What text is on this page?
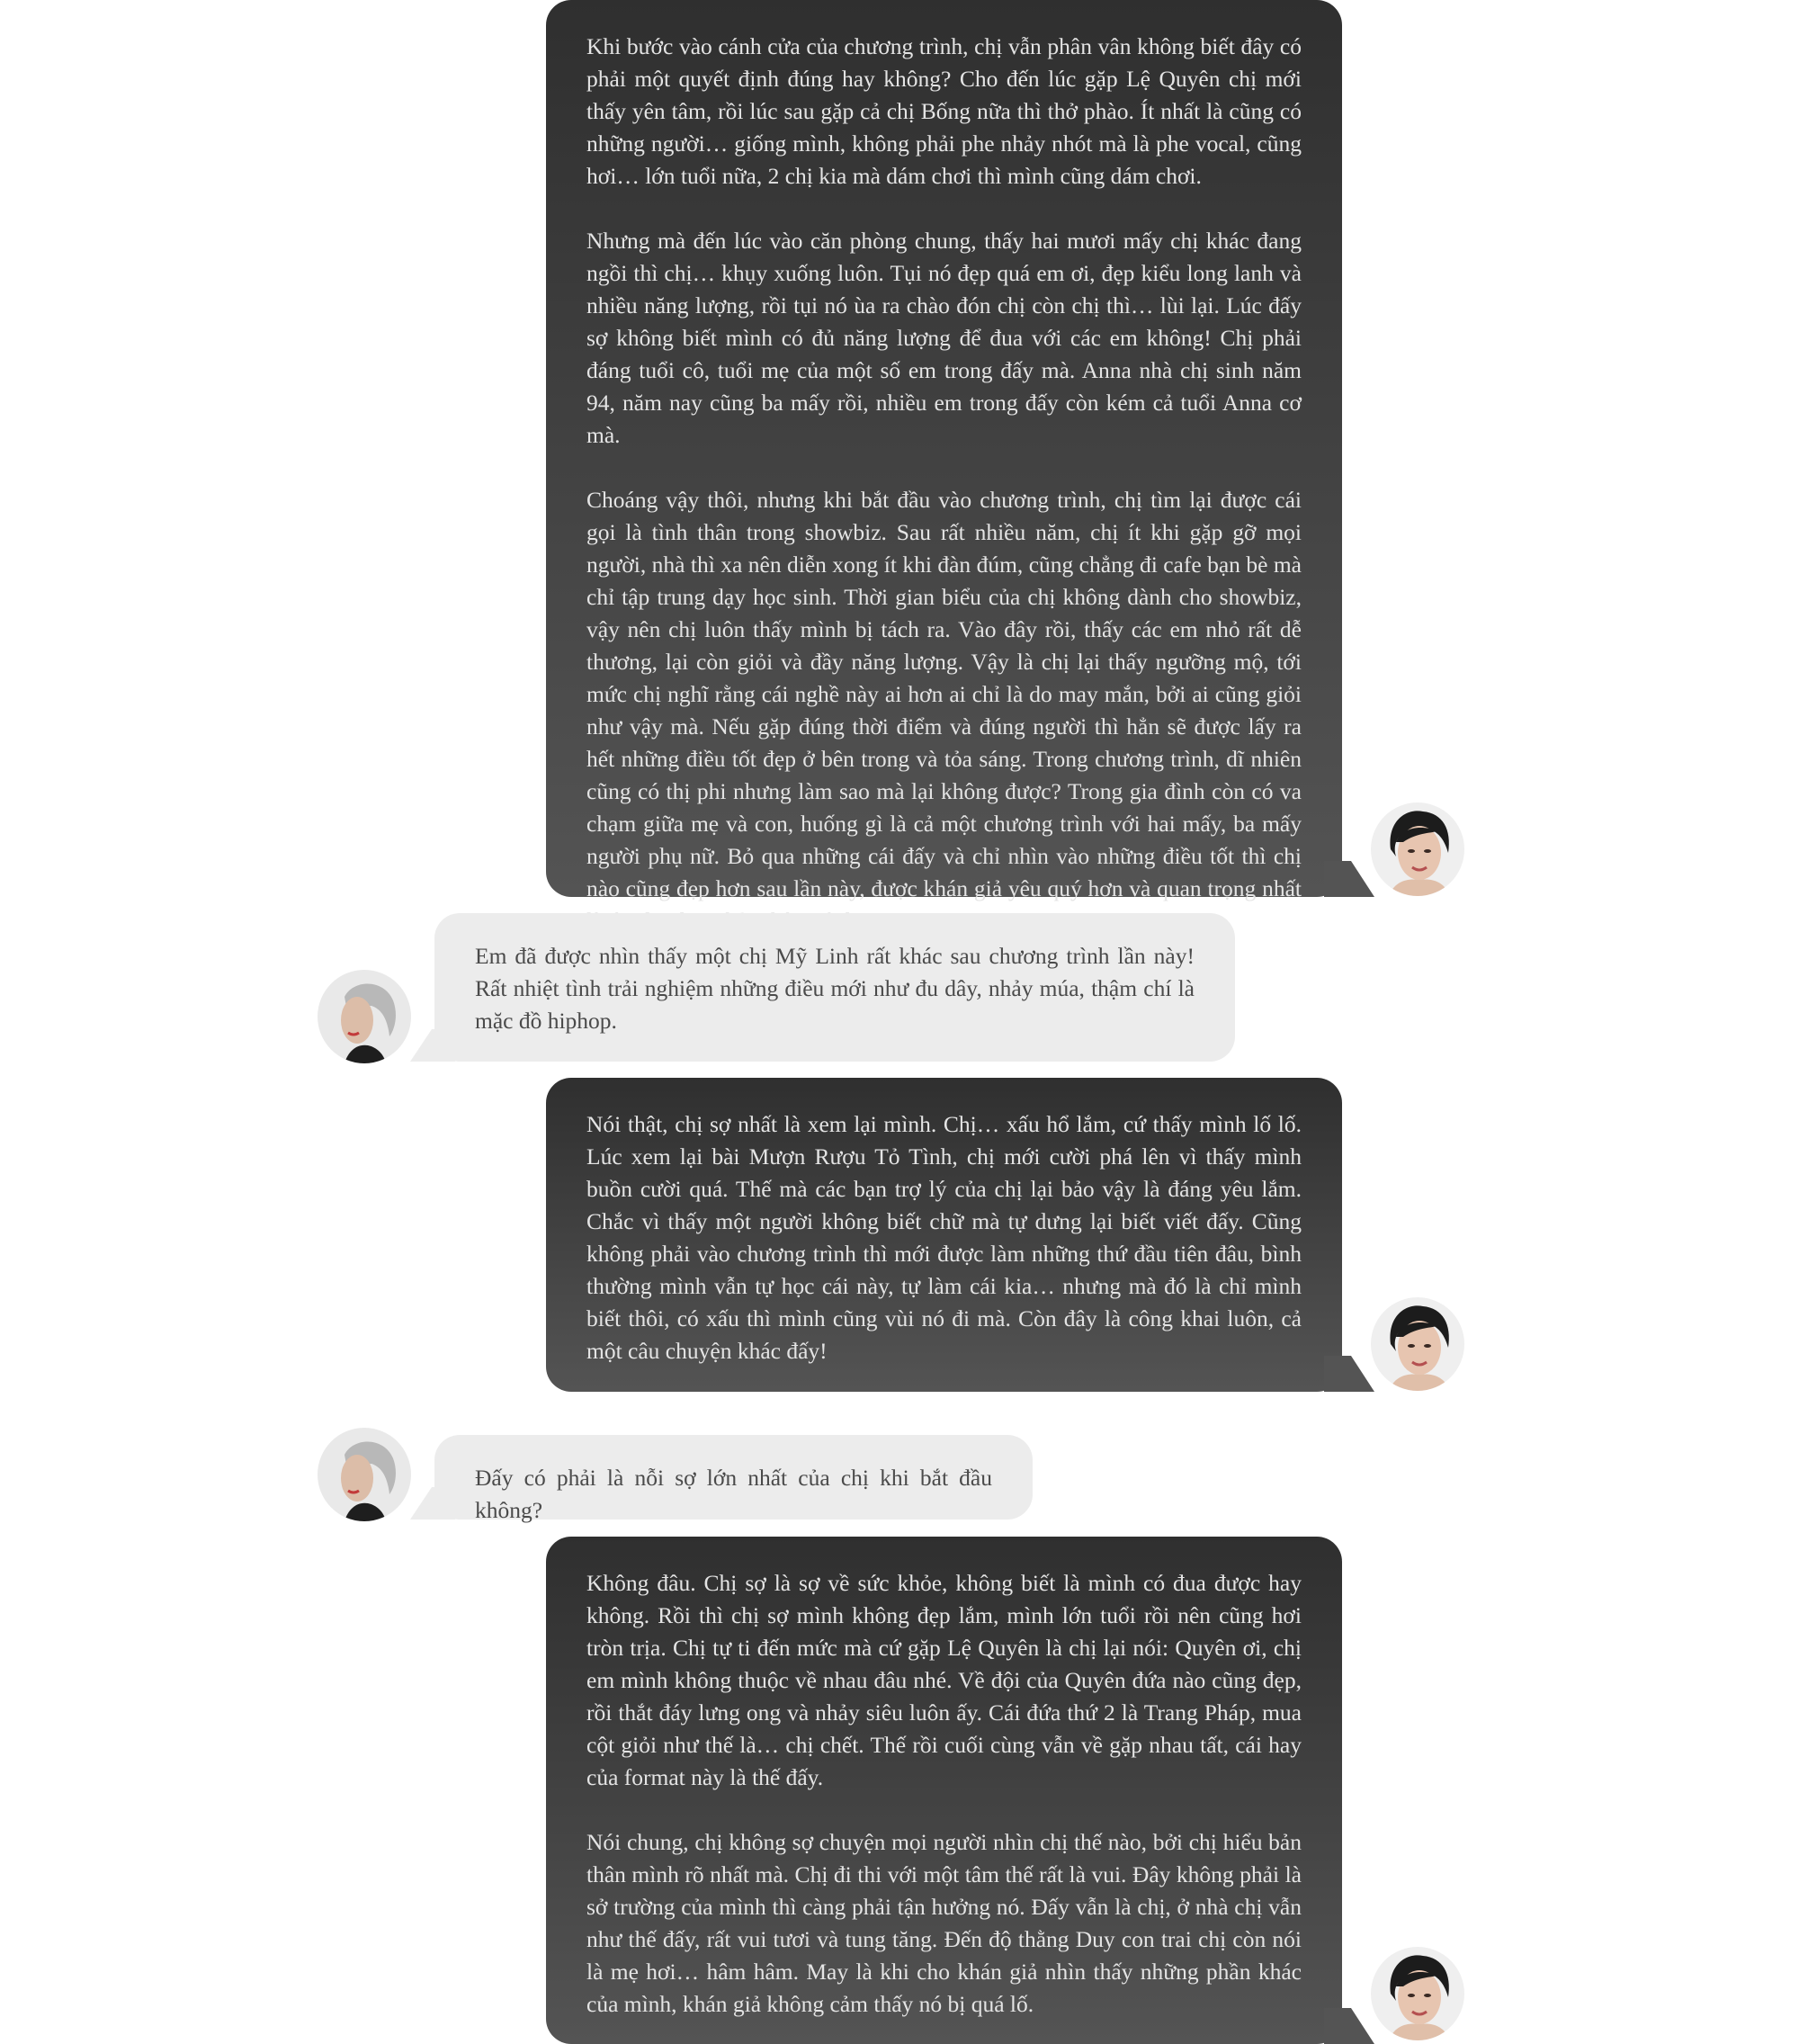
Khi bước vào cánh cửa của chương trình, chị vẫn phân vân không biết đây có phải một quyết định đúng hay không? Cho đến lúc gặp Lệ Quyên chị mới thấy yên tâm, rồi lúc sau gặp cả chị Bống nữa thì thở phào. Ít nhất là cũng có những người… giống mình, không phải phe nhảy nhót mà là phe vocal, cũng hơi… lớn tuổi nữa, 2 chị kia mà dám chơi thì mình cũng dám chơi.

Nhưng mà đến lúc vào căn phòng chung, thấy hai mươi mấy chị khác đang ngồi thì chị… khụy xuống luôn. Tụi nó đẹp quá em ơi, đẹp kiểu long lanh và nhiều năng lượng, rồi tụi nó ùa ra chào đón chị còn chị thì… lùi lại. Lúc đấy sợ không biết mình có đủ năng lượng để đua với các em không! Chị phải đáng tuổi cô, tuổi mẹ của một số em trong đấy mà. Anna nhà chị sinh năm 94, năm nay cũng ba mấy rồi, nhiều em trong đấy còn kém cả tuổi Anna cơ mà.

Choáng vậy thôi, nhưng khi bắt đầu vào chương trình, chị tìm lại được cái gọi là tình thân trong showbiz. Sau rất nhiều năm, chị ít khi gặp gỡ mọi người, nhà thì xa nên diễn xong ít khi đàn đúm, cũng chẳng đi cafe bạn bè mà chỉ tập trung dạy học sinh. Thời gian biểu của chị không dành cho showbiz, vậy nên chị luôn thấy mình bị tách ra. Vào đây rồi, thấy các em nhỏ rất dễ thương, lại còn giỏi và đầy năng lượng. Vậy là chị lại thấy ngưỡng mộ, tới mức chị nghĩ rằng cái nghề này ai hơn ai chỉ là do may mắn, bởi ai cũng giỏi như vậy mà. Nếu gặp đúng thời điểm và đúng người thì hẳn sẽ được lấy ra hết những điều tốt đẹp ở bên trong và tỏa sáng. Trong chương trình, dĩ nhiên cũng có thị phi nhưng làm sao mà lại không được? Trong gia đình còn có va chạm giữa mẹ và con, huống gì là cả một chương trình với hai mấy, ba mấy người phụ nữ. Bỏ qua những cái đấy và chỉ nhìn vào những điều tốt thì chị nào cũng đẹp hơn sau lần này, được khán giả yêu quý hơn và quan trọng nhất

Em đã được nhìn thấy một chị Mỹ Linh rất khác sau chương trình lần này! Rất nhiệt tình trải nghiệm những điều mới như đu dây, nhảy múa, thậm chí là mặc đồ hiphop.

Nói thật, chị sợ nhất là xem lại mình. Chị… xấu hổ lắm, cứ thấy mình lố lố. Lúc xem lại bài Mượn Rượu Tỏ Tình, chị mới cười phá lên vì thấy mình buồn cười quá. Thế mà các bạn trợ lý của chị lại bảo vậy là đáng yêu lắm. Chắc vì thấy một người không biết chữ mà tự dưng lại biết viết đấy. Cũng không phải vào chương trình thì mới được làm những thứ đầu tiên đâu, bình thường mình vẫn tự học cái này, tự làm cái kia… nhưng mà đó là chỉ mình biết thôi, có xấu thì mình cũng vùi nó đi mà. Còn đây là công khai luôn, cả một câu chuyện khác đấy!

Đấy có phải là nỗi sợ lớn nhất của chị khi bắt đầu không?

Không đâu. Chị sợ là sợ về sức khỏe, không biết là mình có đua được hay không. Rồi thì chị sợ mình không đẹp lắm, mình lớn tuổi rồi nên cũng hơi tròn trịa. Chị tự ti đến mức mà cứ gặp Lệ Quyên là chị lại nói: Quyên ơi, chị em mình không thuộc về nhau đâu nhé. Về đội của Quyên đứa nào cũng đẹp, rồi thắt đáy lưng ong và nhảy siêu luôn ấy. Cái đứa thứ 2 là Trang Pháp, mua cột giỏi như thế là… chị chết. Thế rồi cuối cùng vẫn về gặp nhau tất, cái hay của format này là thế đấy.

Nói chung, chị không sợ chuyện mọi người nhìn chị thế nào, bởi chị hiểu bản thân mình rõ nhất mà. Chị đi thi với một tâm thế rất là vui. Đây không phải là sở trường của mình thì càng phải tận hưởng nó. Đấy vẫn là chị, ở nhà chị vẫn như thế đấy, rất vui tươi và tung tăng. Đến độ thằng Duy con trai chị còn nói là mẹ hơi… hâm hâm. May là khi cho khán giả nhìn thấy những phần khác của mình, khán giả không cảm thấy nó bị quá lố.
